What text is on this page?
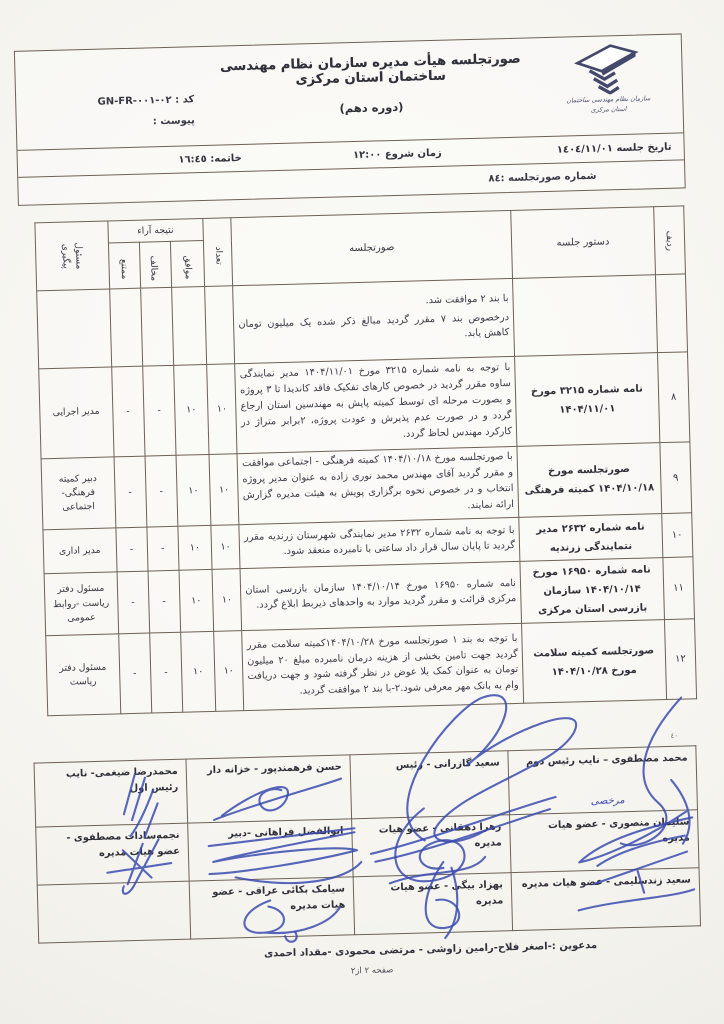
سازمان نظام مهندسی ساختمان
استان مرکزی
صورتجلسه هیأت مدیره سازمان نظام مهندسی ساختمان استان مرکزی
(دوره دهم)
کد : GN-FR-۰۰۱-۰۲
پیوست :
تاریخ جلسه ١٤٠٤/١١/٠١
زمان شروع ١٢:٠٠
خاتمه: ١٦:٤٥
شماره صورتجلسه :٨٤
ردیف	دستور جلسه	صورتجلسه	تعداد	نتیجه آراء			مسئول
پیگیری

				موافق	مخالف	ممتنع	

		با بند ۲ موافقت شد.

درخصوص بند ۷ مقرر گردید مبالغ ذکر شده یک میلیون تومان کاهش یابد.					

۸	نامه شماره ۳۲۱۵ مورخ ۱۴۰۴/۱۱/۰۱	با توجه به نامه شماره ۳۲۱۵ مورخ ۱۴۰۴/۱۱/۰۱ مدیر نمایندگی ساوه مقرر گردید در خصوص کارهای تفکیک فاقد کاندیدا تا ۳ پروژه و بصورت مرحله ای توسط کمیته پایش به مهندسین استان ارجاع گردد و در صورت عدم پذیرش و عودت پروژه، ۲برابر متراژ در کارکرد مهندس لحاظ گردد.	۱۰	۱۰	-	-	مدیر اجرایی
۹	صورتجلسه مورخ ۱۴۰۴/۱۰/۱۸ کمیته فرهنگی	با صورتجلسه مورخ ۱۴۰۴/۱۰/۱۸ کمیته فرهنگی - اجتماعی موافقت و مقرر گردید آقای مهندس محمد نوری زاده به عنوان مدیر پروژه انتخاب و در خصوص نحوه برگزاری پویش به هیئت مدیره گزارش ارائه نمایند.	۱۰	۱۰	-	-	دبیر کمیته فرهنگی- اجتماعی
۱۰	نامه شماره ۲۶۳۲ مدیر نتمایندگی زرندیه	با توجه به نامه شماره ۲۶۳۲ مدیر نمایندگی شهرستان زرندیه مقرر گردید تا پایان سال قرار داد ساعتی با نامبرده منعقد شود.	۱۰	۱۰	-	-	مدیر اداری
۱۱	نامه شماره ۱۶۹۵۰ مورخ ۱۴۰۴/۱۰/۱۴ سازمان بازرسی استان مرکزی	نامه شماره ۱۶۹۵۰ مورخ ۱۴۰۴/۱۰/۱۴ سازمان بازرسی استان مرکزی قرائت و مقرر گردید موارد به واحدهای ذیربط ابلاغ گردد.	۱۰	۱۰	-	-	مسئول دفتر ریاست -روابط عمومی
۱۲	صورتجلسه کمیته سلامت مورخ ۱۴۰۴/۱۰/۲۸	با توجه به بند ۱ صورتجلسه مورخ ۱۴۰۴/۱۰/۲۸کمیته سلامت مقرر گردید جهت تامین بخشی از هزینه درمان نامبرده مبلغ ۲۰ میلیون تومان به عنوان کمک بلا عوض در نظر گرفته شود و جهت دریافت وام به بانک مهر معرفی شود.۲-با بند ۲ موافقت گردید.	۱۰	۱۰	-	-	مسئول دفتر ریاست
٤٠
محمد مصطفوی – نایب رئیس دوم
مرخصی	سعید گازرانی - رئیس	حسن فرهمندپور - خزانه دار	محمدرضا ضیغمی- نایب رئیس اول

سلیمان منصوری - عضو هیات مدیره	زهرا دهقانی - عضو هیات مدیره	ابوالفضل فراهانی -دبیر	نجمه‌سادات مصطفوی - عضو هیات مدیره

سعید زندسلیمی - عضو هیات مدیره	بهزاد بیگی - عضو هیات مدیره	سیامک بکائی عراقی - عضو هیات مدیره	

مدعوین :-اصغر فلاح-رامین زاوشی - مرتضی محمودی -مقداد احمدی
صفحه ۲ از۲
